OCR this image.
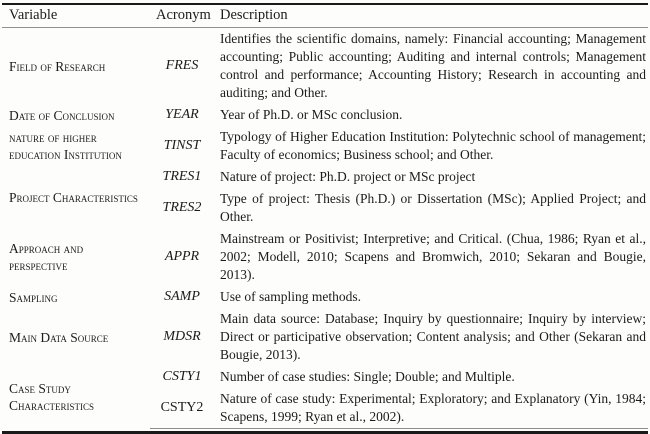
Variable	Acronym	Description
Field of Research	FRES	Identifies the scientific domains, namely: Financial accounting; Management accounting; Public accounting; Auditing and internal controls; Management control and performance; Accounting History; Research in accounting and auditing; and Other.
Date of Conclusion	YEAR	Year of Ph.D. or MSc conclusion.
nature of higher education Institution	TINST	Typology of Higher Education Institution: Polytechnic school of management; Faculty of economics; Business school; and Other.
Project Characteristics	TRES1	Nature of project: Ph.D. project or MSc project
	TRES2	Type of project: Thesis (Ph.D.) or Dissertation (MSc); Applied Project; and Other.
Approach and perspective	APPR	Mainstream or Positivist; Interpretive; and Critical. (Chua, 1986; Ryan et al., 2002; Modell, 2010; Scapens and Bromwich, 2010; Sekaran and Bougie, 2013).
Sampling	SAMP	Use of sampling methods.
Main Data Source	MDSR	Main data source: Database; Inquiry by questionnaire; Inquiry by interview; Direct or participative observation; Content analysis; and Other (Sekaran and Bougie, 2013).
Case Study Characteristics	CSTY1	Number of case studies: Single; Double; and Multiple.
	CSTY2	Nature of case study: Experimental; Exploratory; and Explanatory (Yin, 1984; Scapens, 1999; Ryan et al., 2002).
